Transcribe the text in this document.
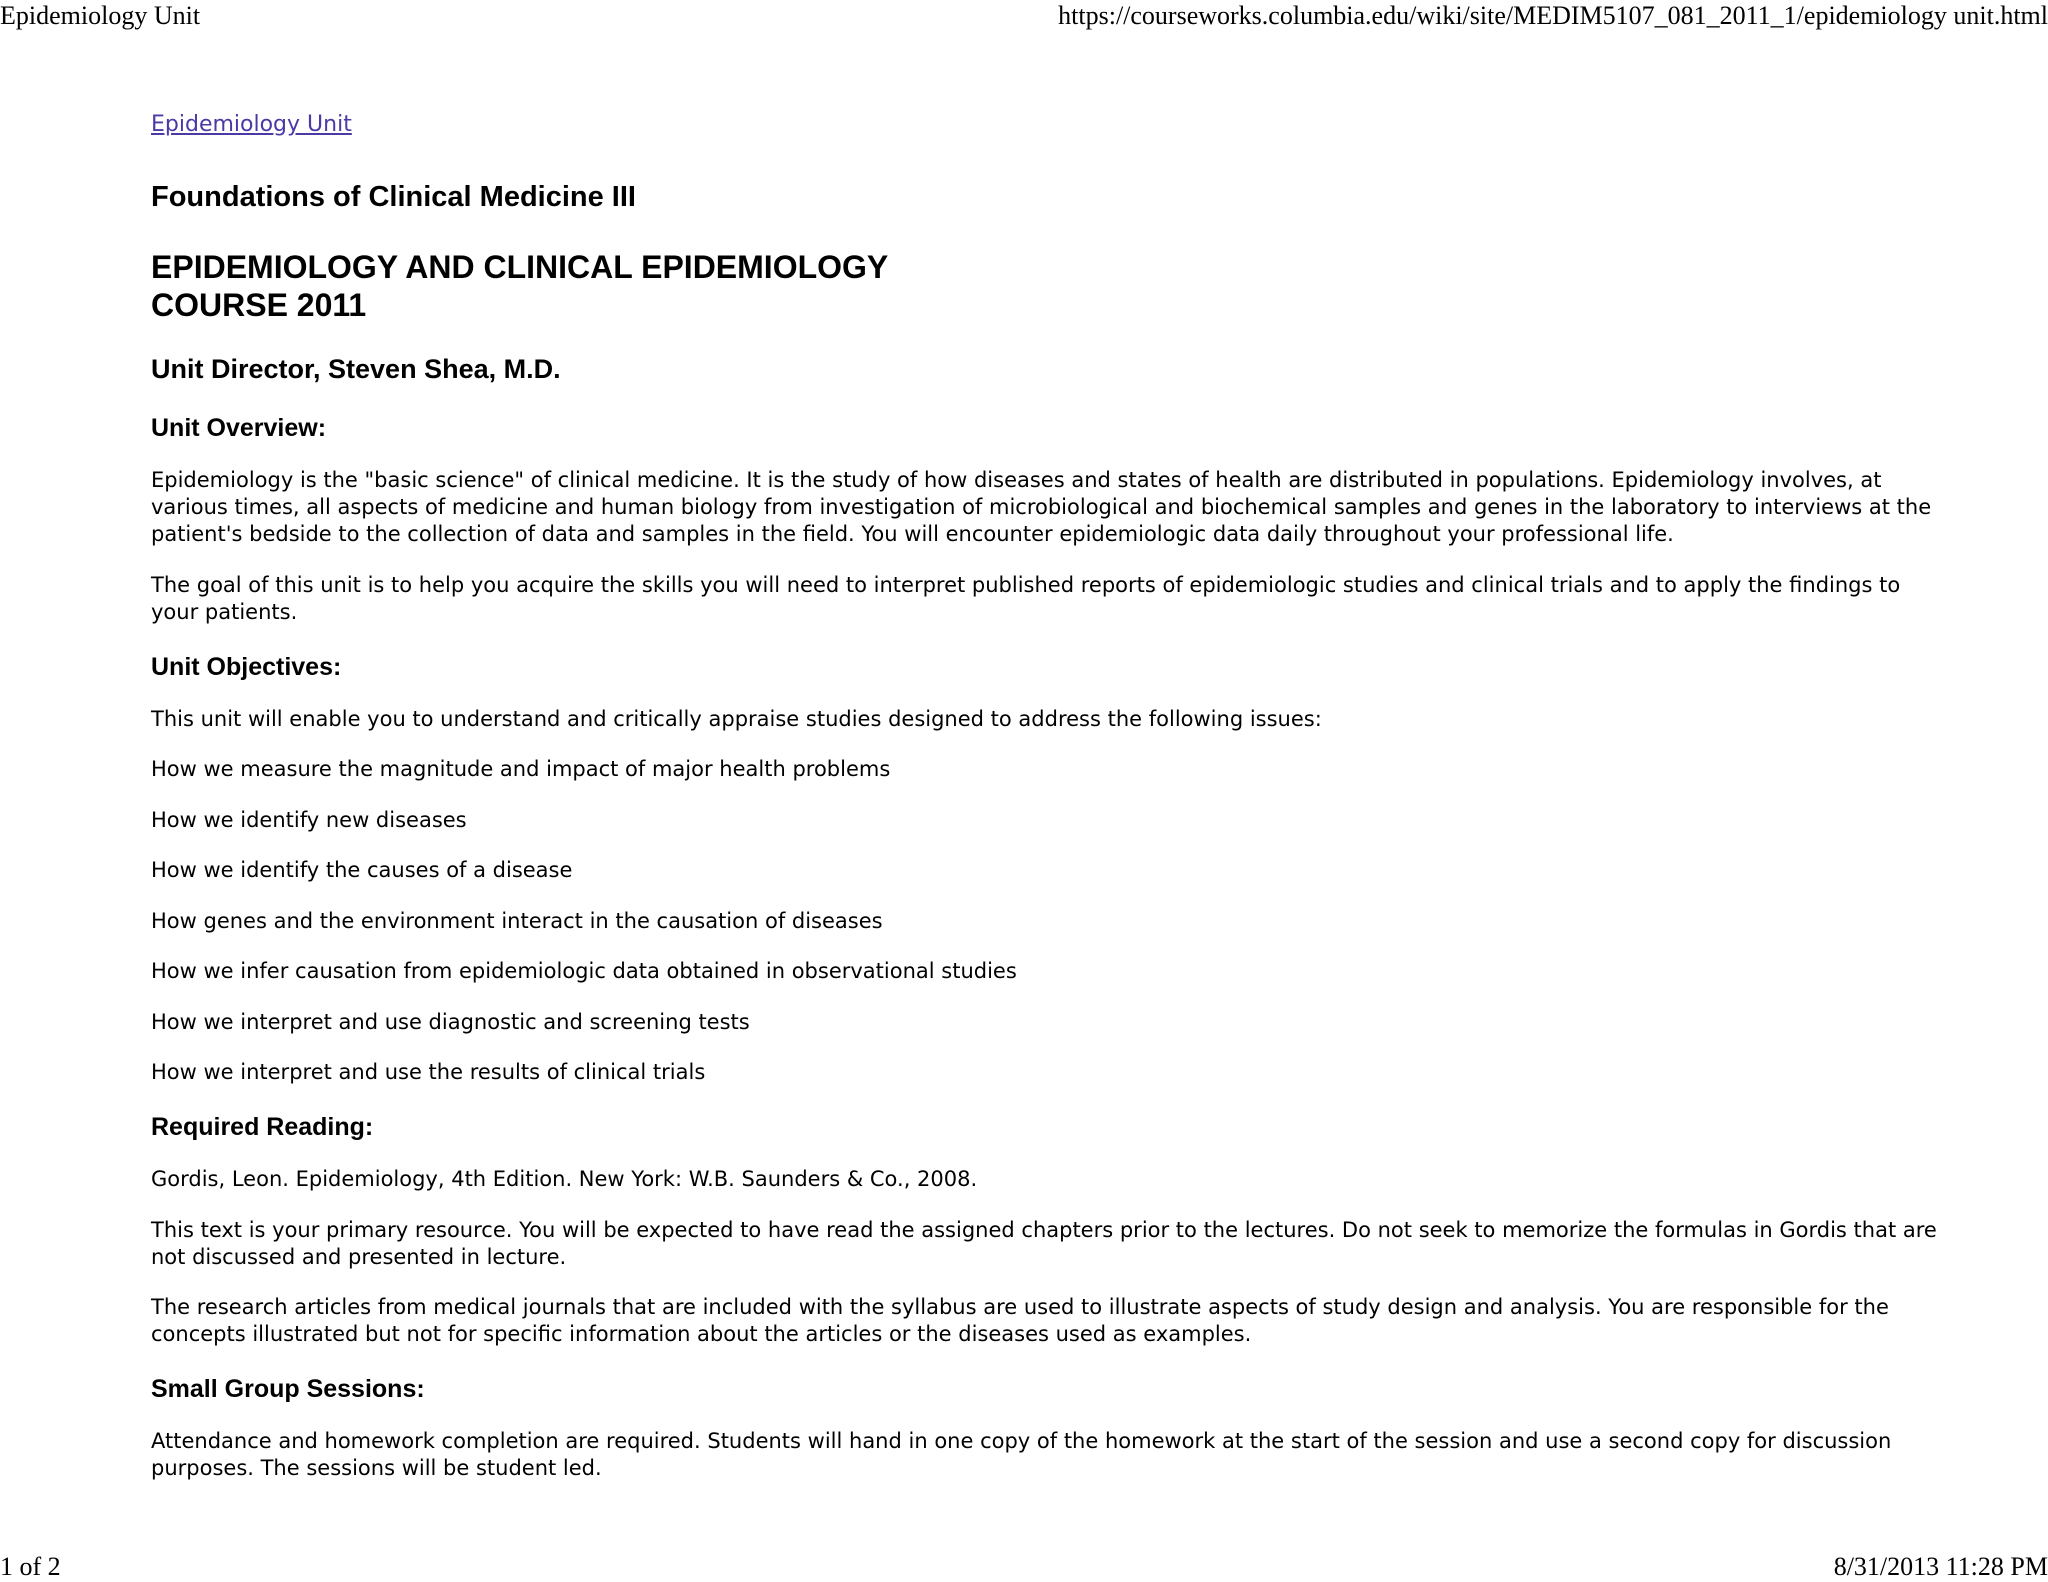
Epidemiology Unit	https://courseworks.columbia.edu/wiki/site/MEDIM5107_081_2011_1/epidemiology unit.html
Epidemiology Unit
Foundations of Clinical Medicine III
EPIDEMIOLOGY AND CLINICAL EPIDEMIOLOGY
COURSE 2011
Unit Director, Steven Shea, M.D.
Unit Overview:

Epidemiology is the "basic science" of clinical medicine. It is the study of how diseases and states of health are distributed in populations. Epidemiology involves, at
various times, all aspects of medicine and human biology from investigation of microbiological and biochemical samples and genes in the laboratory to interviews at the
patient's bedside to the collection of data and samples in the field. You will encounter epidemiologic data daily throughout your professional life.

The goal of this unit is to help you acquire the skills you will need to interpret published reports of epidemiologic studies and clinical trials and to apply the findings to
your patients.

Unit Objectives:

This unit will enable you to understand and critically appraise studies designed to address the following issues:

How we measure the magnitude and impact of major health problems

How we identify new diseases

How we identify the causes of a disease

How genes and the environment interact in the causation of diseases

How we infer causation from epidemiologic data obtained in observational studies

How we interpret and use diagnostic and screening tests

How we interpret and use the results of clinical trials

Required Reading:

Gordis, Leon. Epidemiology, 4th Edition. New York: W.B. Saunders & Co., 2008.

This text is your primary resource. You will be expected to have read the assigned chapters prior to the lectures. Do not seek to memorize the formulas in Gordis that are
not discussed and presented in lecture.

The research articles from medical journals that are included with the syllabus are used to illustrate aspects of study design and analysis. You are responsible for the
concepts illustrated but not for specific information about the articles or the diseases used as examples.

Small Group Sessions:

Attendance and homework completion are required. Students will hand in one copy of the homework at the start of the session and use a second copy for discussion
purposes. The sessions will be student led.

1 of 2	8/31/2013 11:28 PM
